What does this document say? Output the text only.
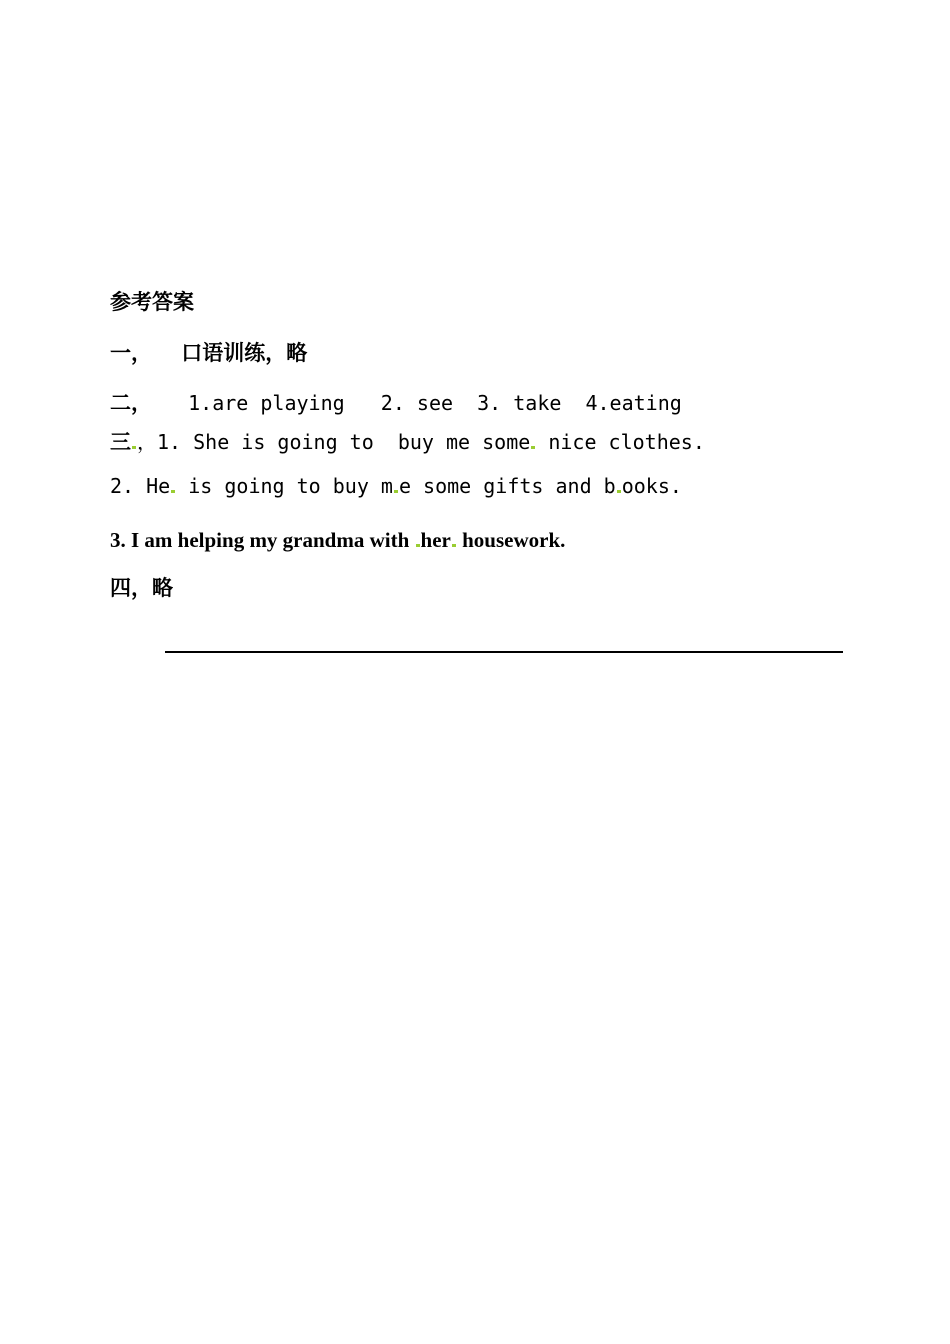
参考答案
一， 口语训练，略
二， 1.are playing   2. see  3. take  4.eating
三 ，1. She is going to  buy me some nice clothes.
2. He is going to buy m e some gifts and b ooks.
3. I am helping my grandma with her housework.
四，略
